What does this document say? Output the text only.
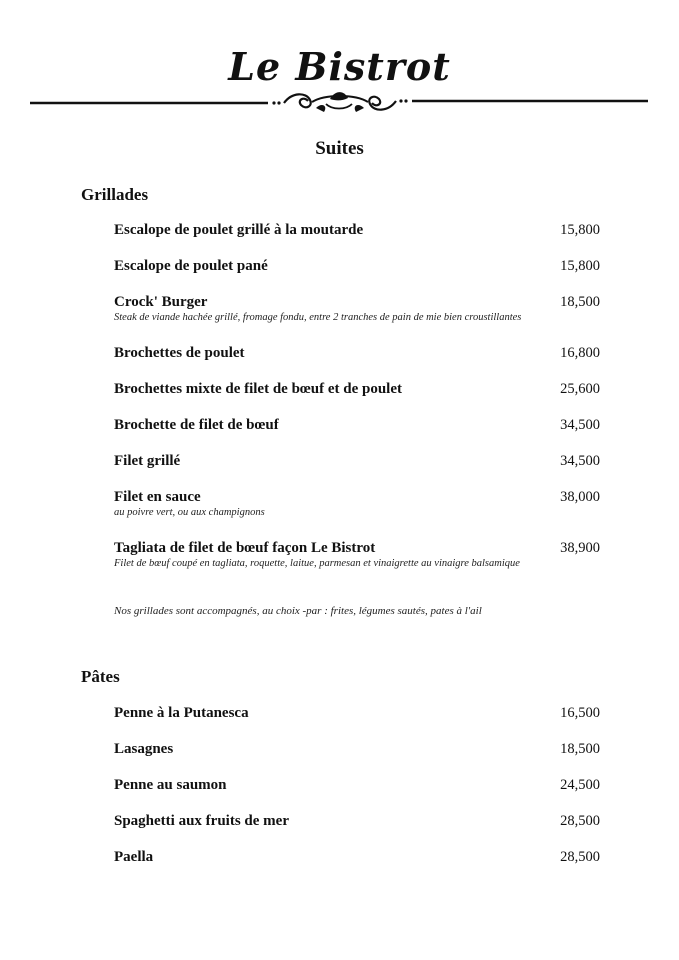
Le Bistrot
Suites
Grillades
Escalope de poulet grillé à la moutarde	15,800
Escalope de poulet pané	15,800
Crock' Burger	18,500
Steak de viande hachée grillé, fromage fondu, entre 2 tranches de pain de mie bien croustillantes
Brochettes de poulet	16,800
Brochettes mixte de filet de bœuf et de poulet	25,600
Brochette de filet de bœuf	34,500
Filet grillé	34,500
Filet en sauce	38,000
au poivre vert, ou aux champignons
Tagliata de filet de bœuf façon Le Bistrot	38,900
Filet de bœuf coupé en tagliata, roquette, laitue, parmesan et vinaigrette au vinaigre balsamique
Nos grillades sont accompagnés, au choix -par : frites, légumes sautés, pates à l'ail
Pâtes
Penne à la Putanesca	16,500
Lasagnes	18,500
Penne au saumon	24,500
Spaghetti aux fruits de mer	28,500
Paella	28,500
